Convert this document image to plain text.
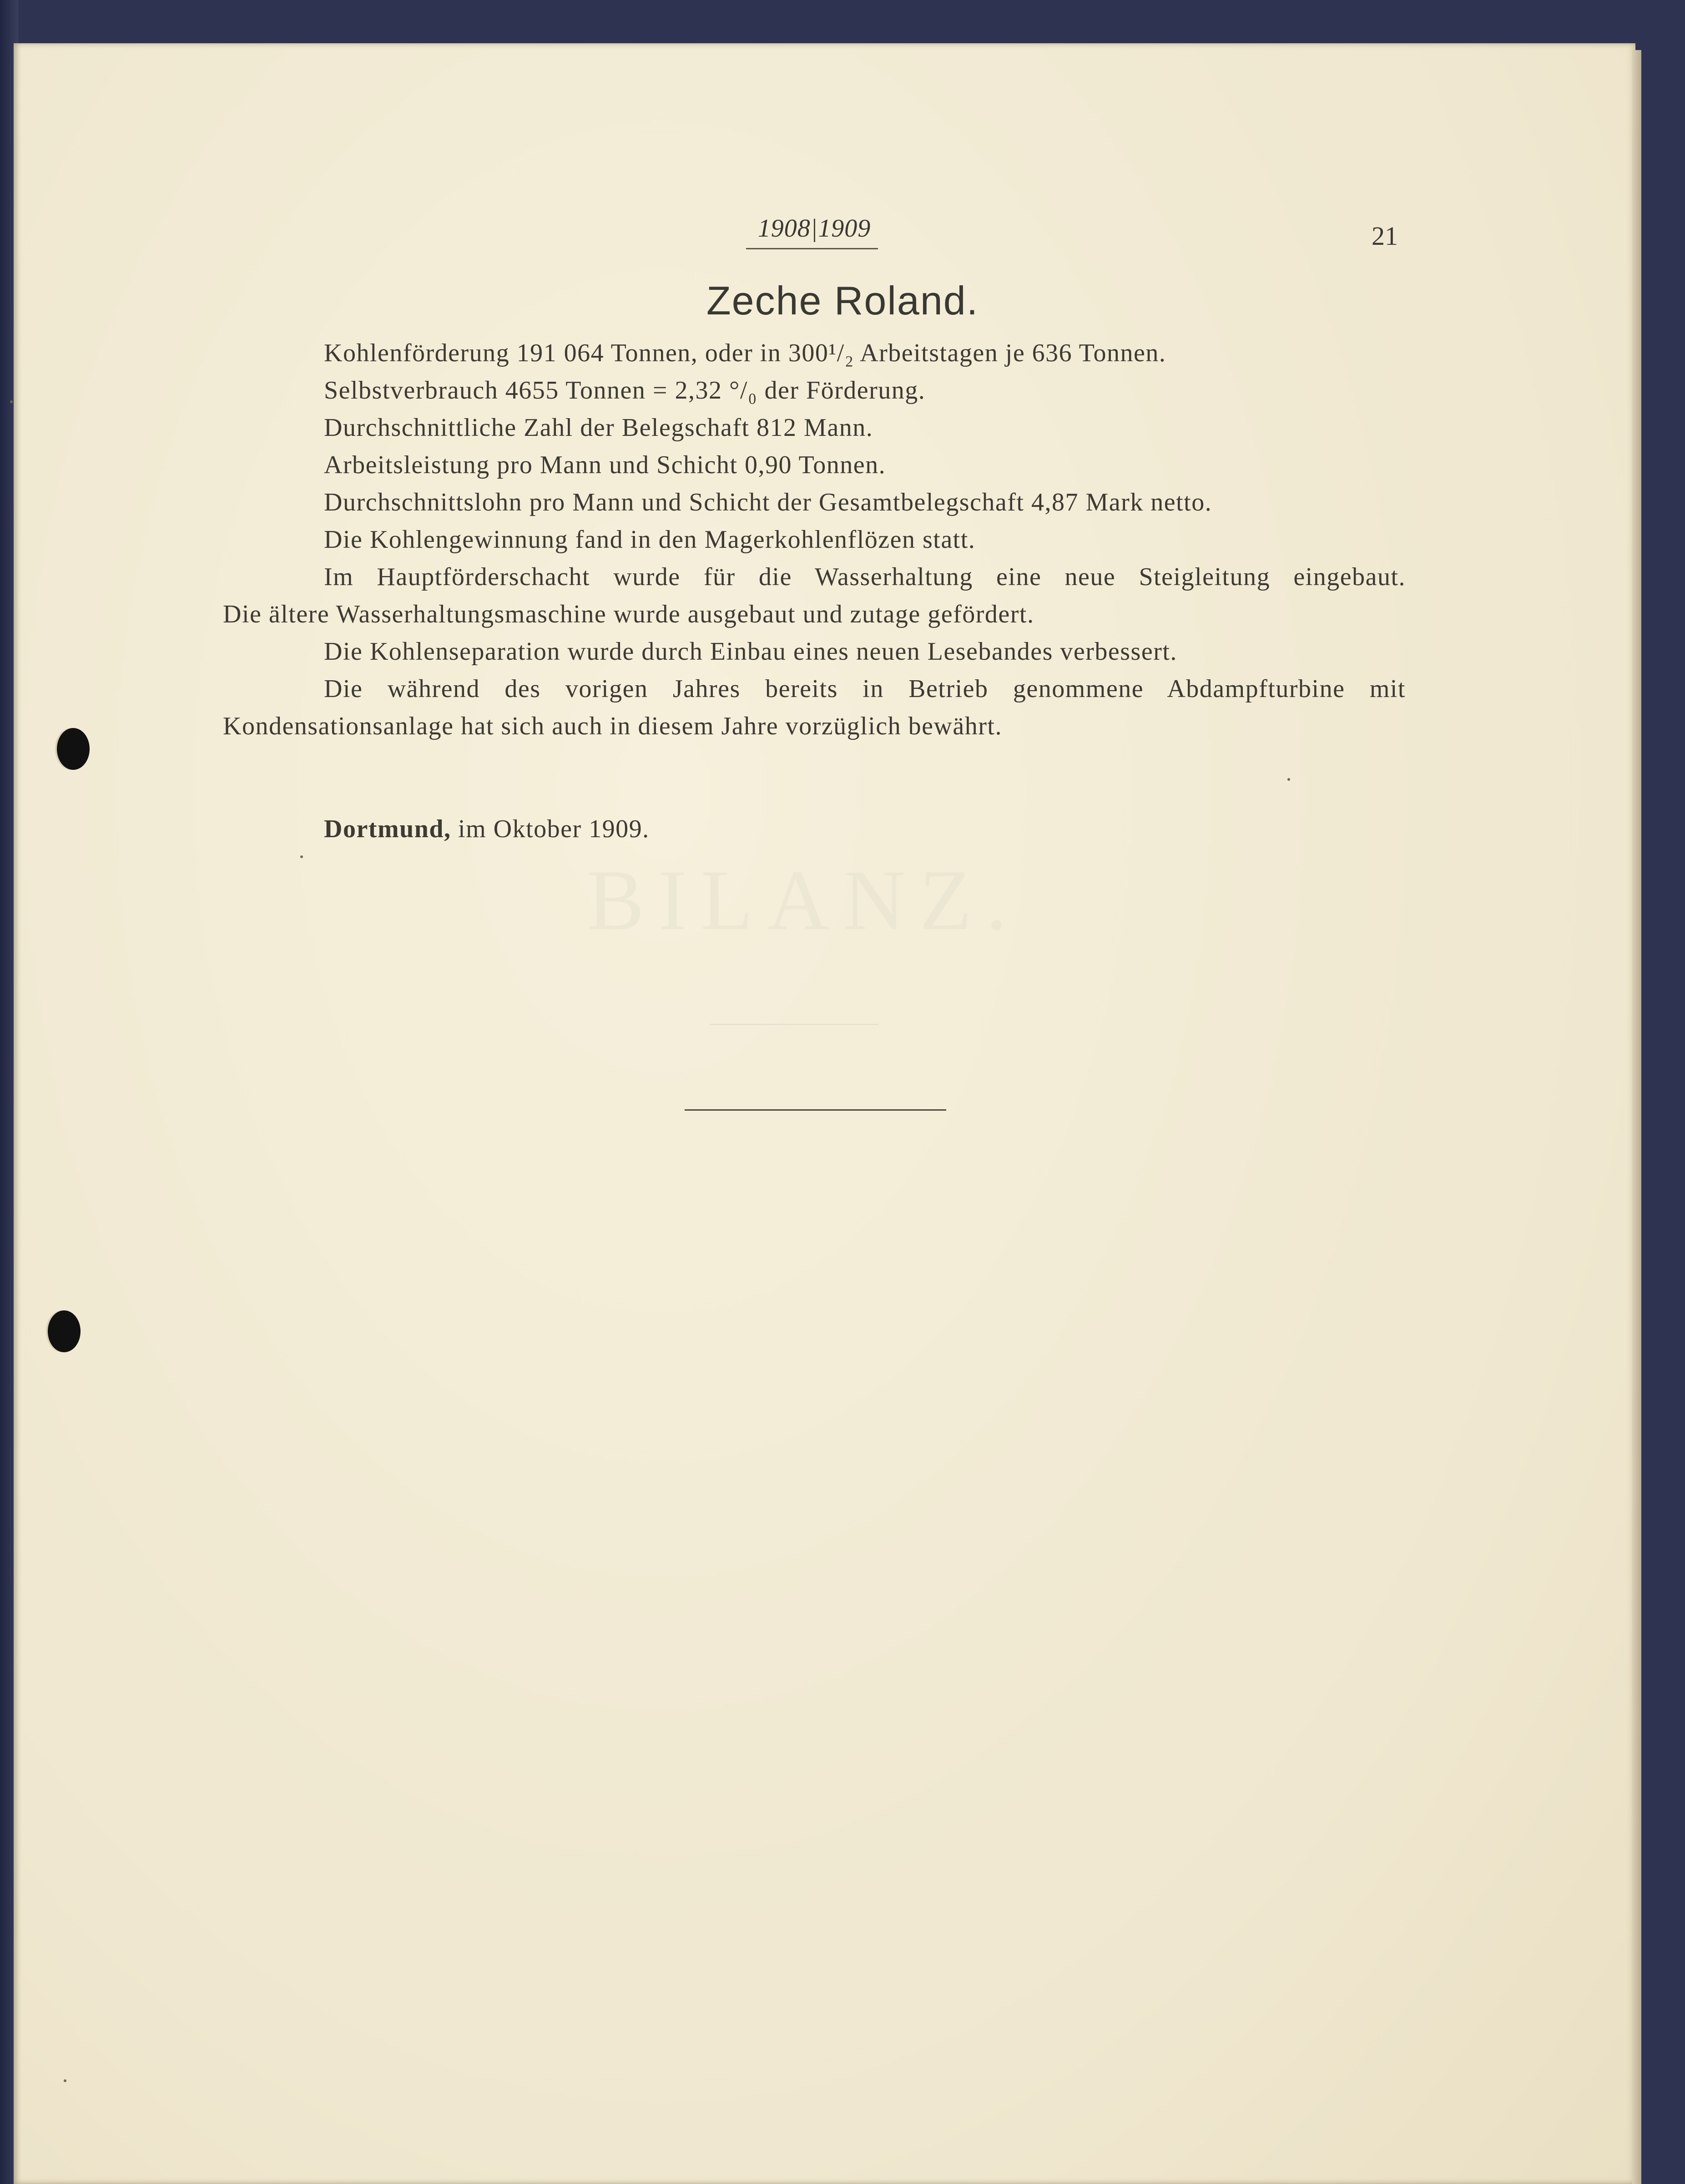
BILANZ.
1908|1909	21
Zeche Roland.

Kohlenförderung 191 064 Tonnen, oder in 300¹/₂ Arbeitstagen je 636 Tonnen.

Selbstverbrauch 4655 Tonnen = 2,32 °/₀ der Förderung.

Durchschnittliche Zahl der Belegschaft 812 Mann.

Arbeitsleistung pro Mann und Schicht 0,90 Tonnen.

Durchschnittslohn pro Mann und Schicht der Gesamtbelegschaft 4,87 Mark netto.

Die Kohlengewinnung fand in den Magerkohlenflözen statt.

Im Hauptförderschacht wurde für die Wasserhaltung eine neue Steigleitung eingebaut.

Die ältere Wasserhaltungsmaschine wurde ausgebaut und zutage gefördert.

Die Kohlenseparation wurde durch Einbau eines neuen Lesebandes verbessert.

Die während des vorigen Jahres bereits in Betrieb genommene Abdampfturbine mit

Kondensationsanlage hat sich auch in diesem Jahre vorzüglich bewährt.

Dortmund, im Oktober 1909.
